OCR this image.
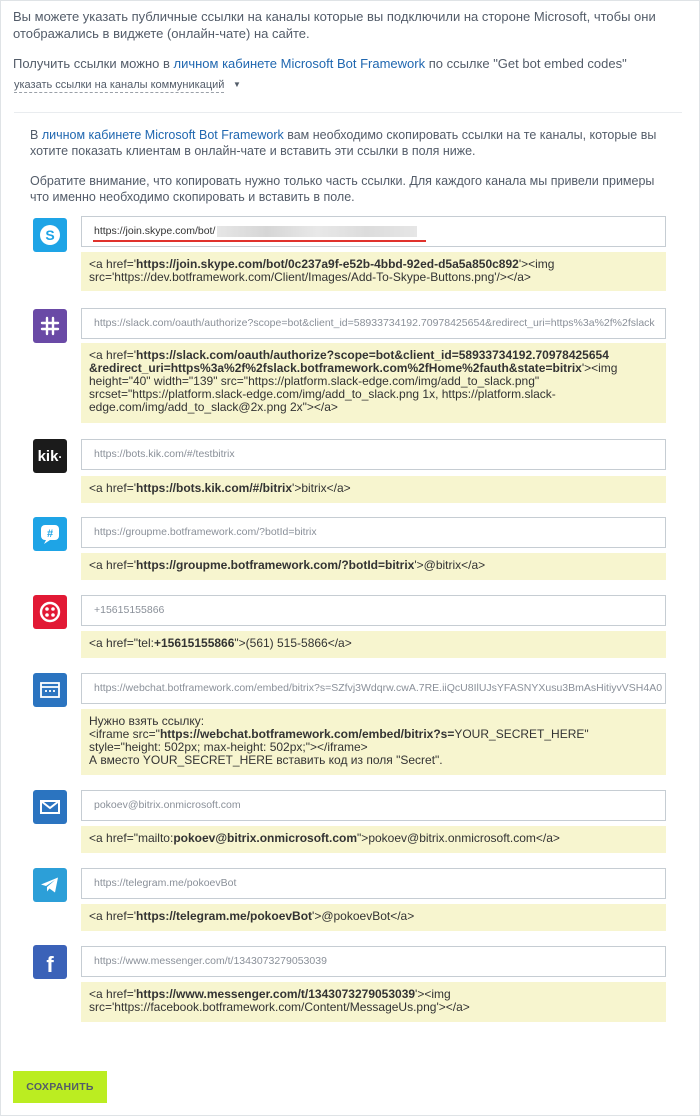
Вы можете указать публичные ссылки на каналы которые вы подключили на стороне Microsoft, чтобы они отображались в виджете (онлайн-чате) на сайте.

Получить ссылки можно в личном кабинете Microsoft Bot Framework по ссылке "Get bot embed codes"

указать ссылки на каналы коммуникаций ▼

В личном кабинете Microsoft Bot Framework вам необходимо скопировать ссылки на те каналы, которые вы хотите показать клиентам в онлайн-чате и вставить эти ссылки в поля ниже.

Обратите внимание, что копировать нужно только часть ссылки. Для каждого канала мы привели примеры что именно необходимо скопировать и вставить в поле.

S	https://join.skype.com/bot/
<a href='https://join.skype.com/bot/0c237a9f-e52b-4bbd-92ed-d5a5a850c892'><img src='https://dev.botframework.com/Client/Images/Add-To-Skype-Buttons.png'/></a>
https://slack.com/oauth/authorize?scope=bot&client_id=58933734192.70978425654&redirect_uri=https%3a%2f%2fslack
<a href='https://slack.com/oauth/authorize?scope=bot&client_id=58933734192.70978425654 &redirect_uri=https%3a%2f%2fslack.botframework.com%2fHome%2fauth&state=bitrix'><img height="40" width="139" src="https://platform.slack-edge.com/img/add_to_slack.png" srcset="https://platform.slack-edge.com/img/add_to_slack.png 1x, https://platform.slack-edge.com/img/add_to_slack@2x.png 2x"></a>
kik·	https://bots.kik.com/#/testbitrix
<a href='https://bots.kik.com/#/bitrix'>bitrix</a>
#	https://groupme.botframework.com/?botId=bitrix
<a href='https://groupme.botframework.com/?botId=bitrix'>@bitrix</a>
+15615155866
<a href="tel:+15615155866">(561) 515-5866</a>
https://webchat.botframework.com/embed/bitrix?s=SZfvj3Wdqrw.cwA.7RE.iiQcU8IlUJsYFASNYXusu3BmAsHitiyvVSH4A0
Нужно взять ссылку:
<iframe src="https://webchat.botframework.com/embed/bitrix?s=YOUR_SECRET_HERE" style="height: 502px; max-height: 502px;"></iframe>
А вместо YOUR_SECRET_HERE вставить код из поля "Secret".
pokoev@bitrix.onmicrosoft.com
<a href="mailto:pokoev@bitrix.onmicrosoft.com">pokoev@bitrix.onmicrosoft.com</a>
https://telegram.me/pokoevBot
<a href='https://telegram.me/pokoevBot'>@pokoevBot</a>
f	https://www.messenger.com/t/1343073279053039
<a href='https://www.messenger.com/t/1343073279053039'><img src='https://facebook.botframework.com/Content/MessageUs.png'></a>
СОХРАНИТЬ
